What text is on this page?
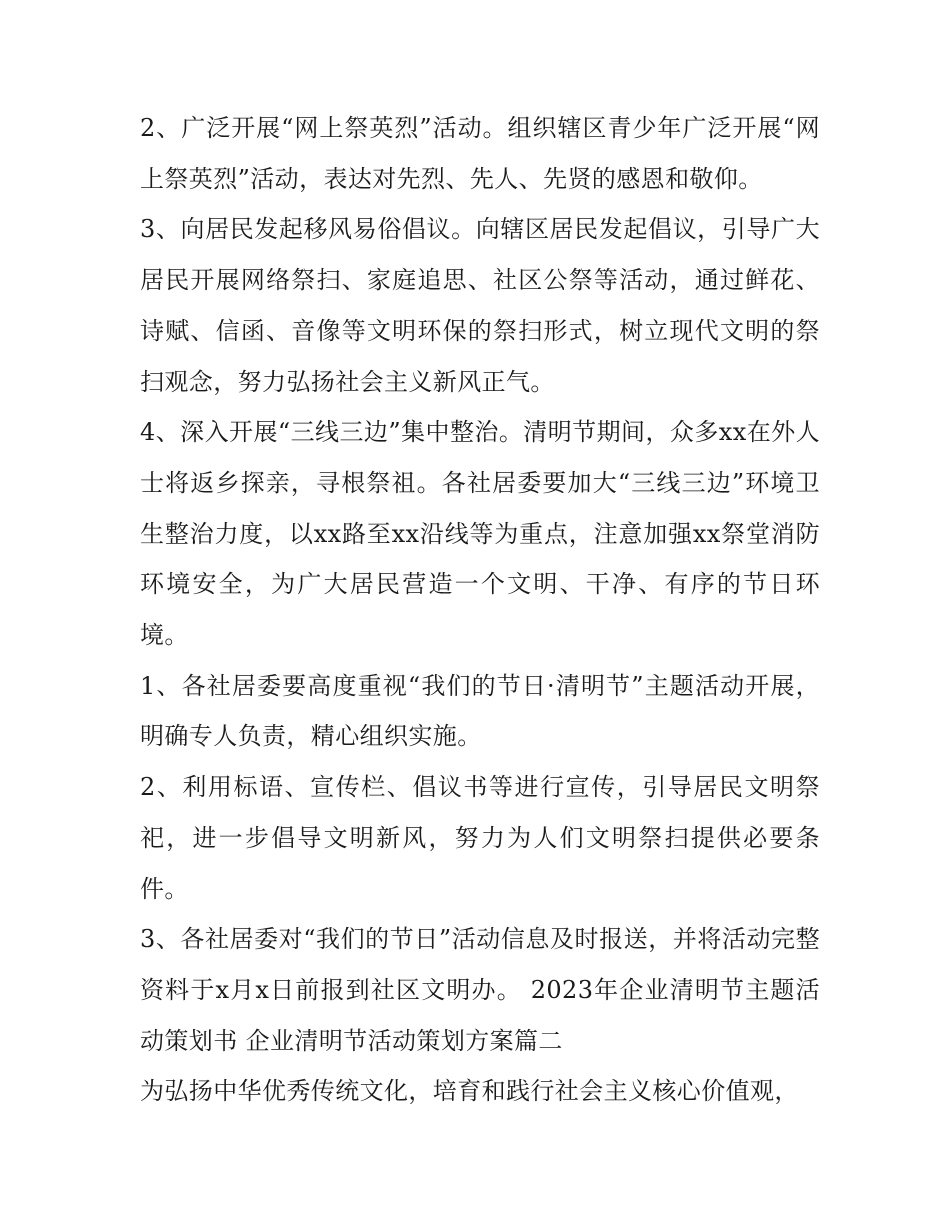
2、广泛开展“网上祭英烈”活动。组织辖区青少年广泛开展“网上祭英烈”活动，表达对先烈、先人、先贤的感恩和敬仰。

3、向居民发起移风易俗倡议。向辖区居民发起倡议，引导广大居民开展网络祭扫、家庭追思、社区公祭等活动，通过鲜花、诗赋、信函、音像等文明环保的祭扫形式，树立现代文明的祭扫观念，努力弘扬社会主义新风正气。

4、深入开展“三线三边”集中整治。清明节期间，众多xx在外人士将返乡探亲，寻根祭祖。各社居委要加大“三线三边”环境卫生整治力度，以xx路至xx沿线等为重点，注意加强xx祭堂消防环境安全，为广大居民营造一个文明、干净、有序的节日环境。

1、各社居委要高度重视“我们的节日·清明节”主题活动开展，明确专人负责，精心组织实施。

2、利用标语、宣传栏、倡议书等进行宣传，引导居民文明祭祀，进一步倡导文明新风，努力为人们文明祭扫提供必要条件。

3、各社居委对“我们的节日”活动信息及时报送，并将活动完整资料于x月x日前报到社区文明办。 2023年企业清明节主题活动策划书 企业清明节活动策划方案篇二

为弘扬中华优秀传统文化，培育和践行社会主义核心价值观，
